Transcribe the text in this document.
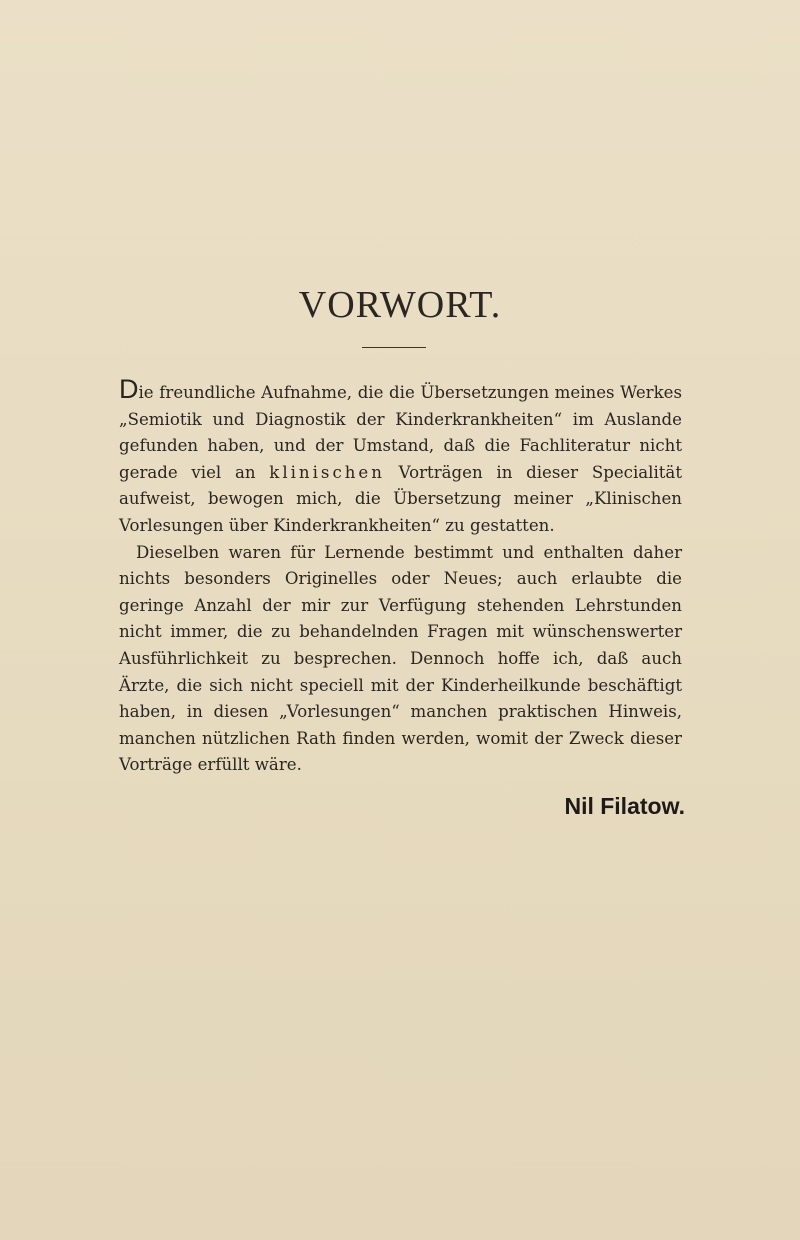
VORWORT.

Die freundliche Aufnahme, die die Übersetzungen meines Werkes „Semiotik und Diagnostik der Kinderkrankheiten“ im Auslande gefunden haben, und der Umstand, daß die Fachliteratur nicht gerade viel an klinischen Vorträgen in dieser Specialität aufweist, bewogen mich, die Übersetzung meiner „Klinischen Vorlesungen über Kinderkrankheiten“ zu gestatten.

Dieselben waren für Lernende bestimmt und enthalten daher nichts besonders Originelles oder Neues; auch erlaubte die geringe Anzahl der mir zur Verfügung stehenden Lehrstunden nicht immer, die zu behandelnden Fragen mit wünschenswerter Ausführlichkeit zu besprechen. Dennoch hoffe ich, daß auch Ärzte, die sich nicht speciell mit der Kinderheilkunde beschäftigt haben, in diesen „Vorlesungen“ manchen praktischen Hinweis, manchen nützlichen Rath finden werden, womit der Zweck dieser Vorträge erfüllt wäre.

Nil Filatow.
